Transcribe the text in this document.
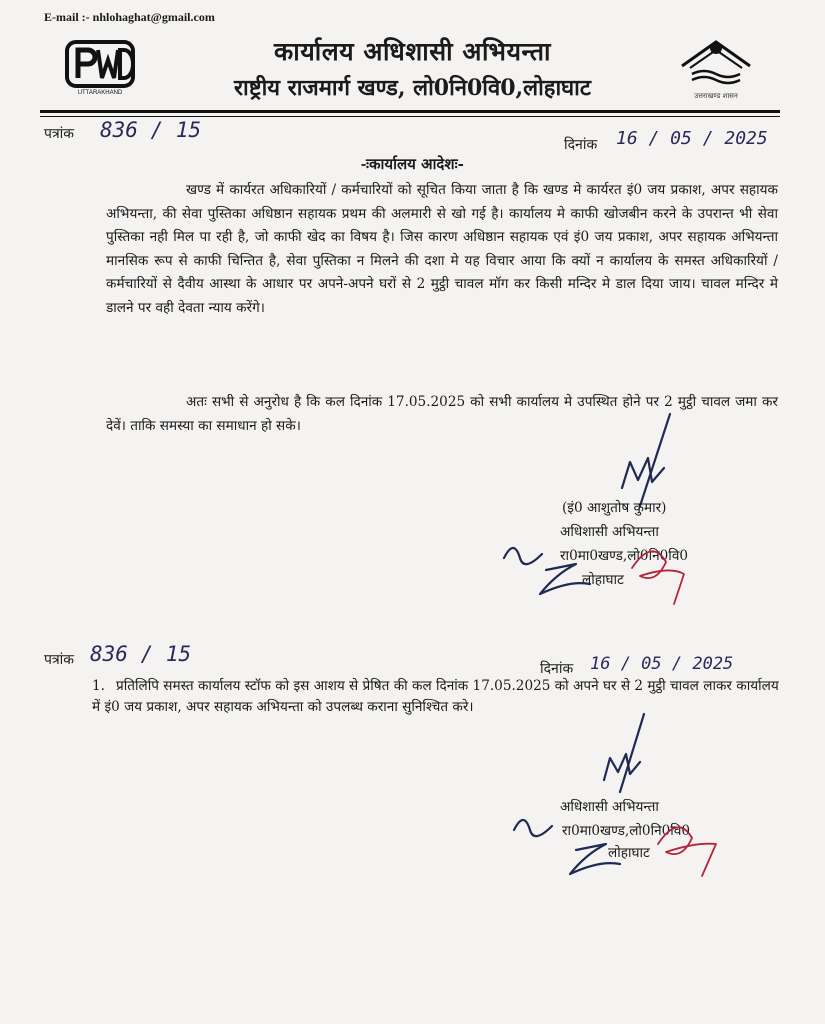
E-mail :- nhlohaghat@gmail.com
UTTARAKHAND	उत्तराखण्ड शासन
कार्यालय अधिशासी अभियन्ता
राष्ट्रीय राजमार्ग खण्ड, लो0नि0वि0,लोहाघाट
पत्रांक 836 / 15
दिनांक 16 / 05 / 2025
-ःकार्यालय आदेशः-
खण्ड में कार्यरत अधिकारियों / कर्मचारियों को सूचित किया जाता है कि खण्ड मे कार्यरत इं0 जय प्रकाश, अपर सहायक अभियन्ता, की सेवा पुस्तिका अधिष्ठान सहायक प्रथम की अलमारी से खो गई है। कार्यालय मे काफी खोजबीन करने के उपरान्त भी सेवा पुस्तिका नही मिल पा रही है, जो काफी खेद का विषय है। जिस कारण अधिष्ठान सहायक एवं इं0 जय प्रकाश, अपर सहायक अभियन्ता मानसिक रूप से काफी चिन्तित है, सेवा पुस्तिका न मिलने की दशा मे यह विचार आया कि क्यों न कार्यालय के समस्त अधिकारियों / कर्मचारियों से दैवीय आस्था के आधार पर अपने-अपने घरों से 2 मुट्ठी चावल मॉग कर किसी मन्दिर मे डाल दिया जाय। चावल मन्दिर मे डालने पर वही देवता न्याय करेंगे।
अतः सभी से अनुरोध है कि कल दिनांक 17.05.2025 को सभी कार्यालय मे उपस्थित होने पर 2 मुट्ठी चावल जमा कर देवें। ताकि समस्या का समाधान हो सके।
(इं0 आशुतोष कुमार)
अधिशासी अभियन्ता
रा0मा0खण्ड,लो0नि0वि0
लोहाघाट
पत्रांक 836 / 15
दिनांक 16 / 05 / 2025
1. प्रतिलिपि समस्त कार्यालय स्टॉफ को इस आशय से प्रेषित की कल दिनांक 17.05.2025 को अपने घर से 2 मुट्ठी चावल लाकर कार्यालय में इं0 जय प्रकाश, अपर सहायक अभियन्ता को उपलब्ध कराना सुनिश्चित करे।
अधिशासी अभियन्ता
रा0मा0खण्ड,लो0नि0वि0
लोहाघाट
